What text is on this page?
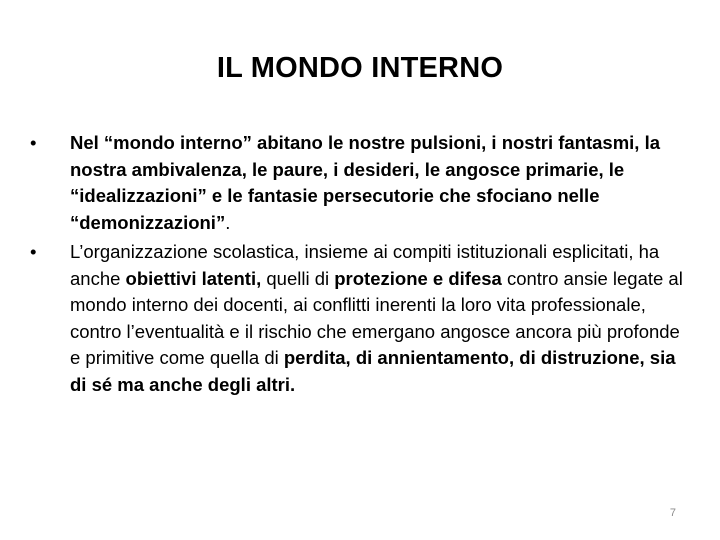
IL MONDO INTERNO
• Nel “mondo interno” abitano le nostre pulsioni, i nostri fantasmi, la nostra ambivalenza, le paure, i desideri, le angosce primarie, le “idealizzazioni” e le fantasie persecutorie che sfociano nelle “demonizzazioni”.
• L’organizzazione scolastica, insieme ai compiti istituzionali esplicitati, ha anche obiettivi latenti, quelli di protezione e difesa contro ansie legate al mondo interno dei docenti, ai conflitti inerenti la loro vita professionale, contro l’eventualità e il rischio che emergano angosce ancora più profonde e primitive come quella di perdita, di annientamento, di distruzione, sia di sé ma anche degli altri.
7
